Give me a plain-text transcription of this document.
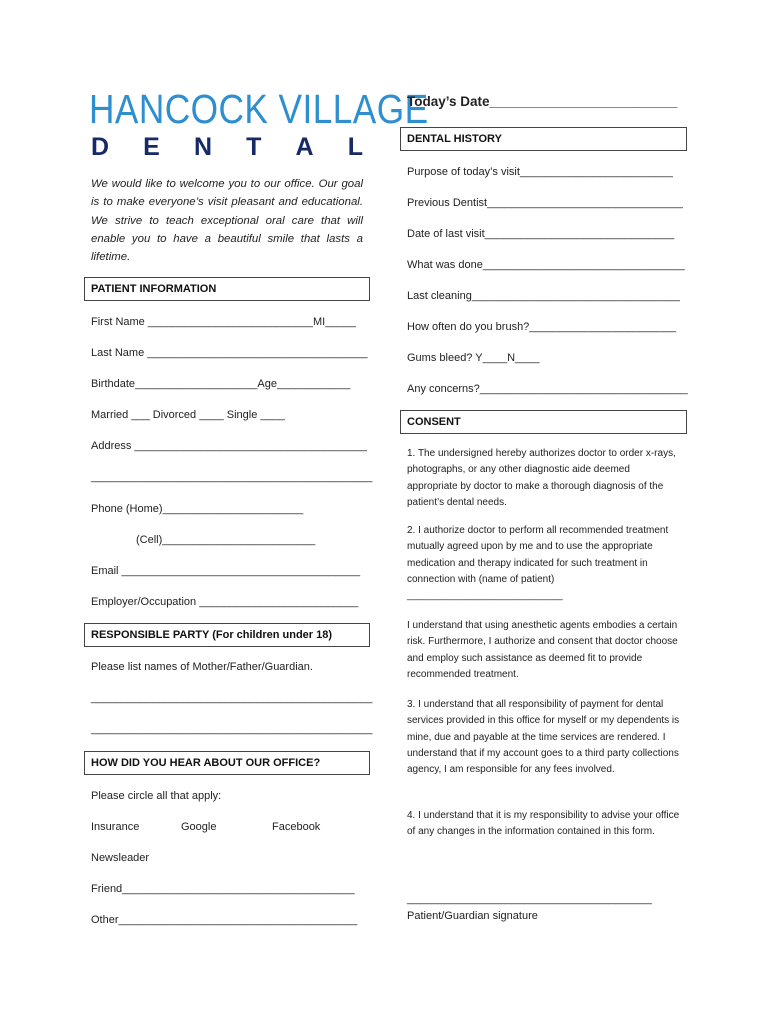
HANCOCK VILLAGE
D E N T A L
We would like to welcome you to our office. Our goal is to make everyone’s visit pleasant and educational. We strive to teach exceptional oral care that will enable you to have a beautiful smile that lasts a lifetime.
PATIENT INFORMATION
First Name ___________________________MI_____
Last Name ____________________________________
Birthdate____________________Age____________
Married ___ Divorced ____ Single ____
Address ______________________________________
______________________________________________
Phone (Home)_______________________
(Cell)_________________________
Email _______________________________________
Employer/Occupation __________________________
RESPONSIBLE PARTY (For children under 18)
Please list names of Mother/Father/Guardian.
______________________________________________
______________________________________________
HOW DID YOU HEAR ABOUT OUR OFFICE?
Please circle all that apply:
Insurance	Google	Facebook
Newsleader
Friend______________________________________
Other_______________________________________
Today’s Date_________________________
DENTAL HISTORY
Purpose of today’s visit_________________________
Previous Dentist________________________________
Date of last visit_______________________________
What was done_________________________________
Last cleaning__________________________________
How often do you brush?________________________
Gums bleed? Y____N____
Any concerns?__________________________________
CONSENT
1. The undersigned hereby authorizes doctor to order x-rays, photographs, or any other diagnostic aide deemed appropriate by doctor to make a thorough diagnosis of the patient’s dental needs.
2. I authorize doctor to perform all recommended treatment mutually agreed upon by me and to use the appropriate medication and therapy indicated for such treatment in connection with (name of patient) ____________________________
I understand that using anesthetic agents embodies a certain risk. Furthermore, I authorize and consent that doctor choose and employ such assistance as deemed fit to provide recommended treatment.
3. I understand that all responsibility of payment for dental services provided in this office for myself or my dependents is mine, due and payable at the time services are rendered. I understand that if my account goes to a third party collections agency, I am responsible for any fees involved.
4. I understand that it is my responsibility to advise your office of any changes in the information contained in this form.
________________________________________
Patient/Guardian signature
